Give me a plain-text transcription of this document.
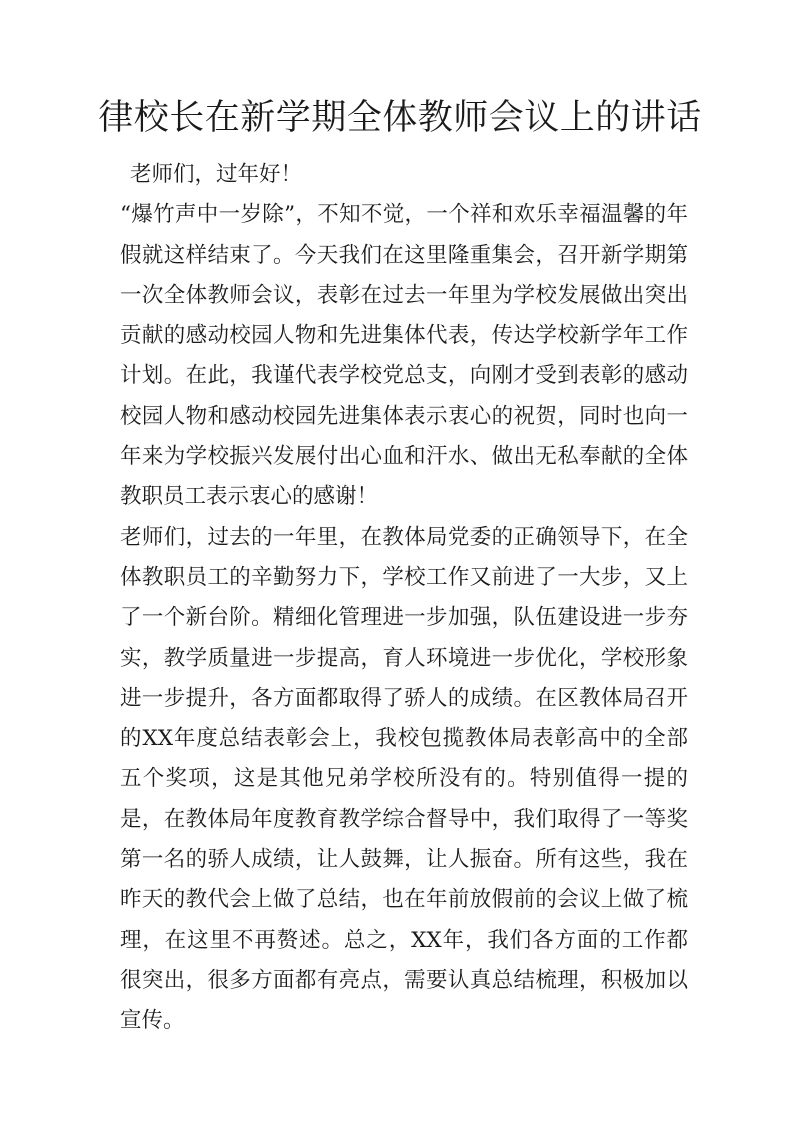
律校长在新学期全体教师会议上的讲话

老师们，过年好！

“爆竹声中一岁除”，不知不觉，一个祥和欢乐幸福温馨的年假就这样结束了。今天我们在这里隆重集会，召开新学期第一次全体教师会议，表彰在过去一年里为学校发展做出突出贡献的感动校园人物和先进集体代表，传达学校新学年工作计划。在此，我谨代表学校党总支，向刚才受到表彰的感动校园人物和感动校园先进集体表示衷心的祝贺，同时也向一年来为学校振兴发展付出心血和汗水、做出无私奉献的全体教职员工表示衷心的感谢！

老师们，过去的一年里，在教体局党委的正确领导下，在全体教职员工的辛勤努力下，学校工作又前进了一大步，又上了一个新台阶。精细化管理进一步加强，队伍建设进一步夯实，教学质量进一步提高，育人环境进一步优化，学校形象进一步提升，各方面都取得了骄人的成绩。在区教体局召开的XX年度总结表彰会上，我校包揽教体局表彰高中的全部五个奖项，这是其他兄弟学校所没有的。特别值得一提的是，在教体局年度教育教学综合督导中，我们取得了一等奖第一名的骄人成绩，让人鼓舞，让人振奋。所有这些，我在昨天的教代会上做了总结，也在年前放假前的会议上做了梳理，在这里不再赘述。总之，XX年，我们各方面的工作都很突出，很多方面都有亮点，需要认真总结梳理，积极加以宣传。
